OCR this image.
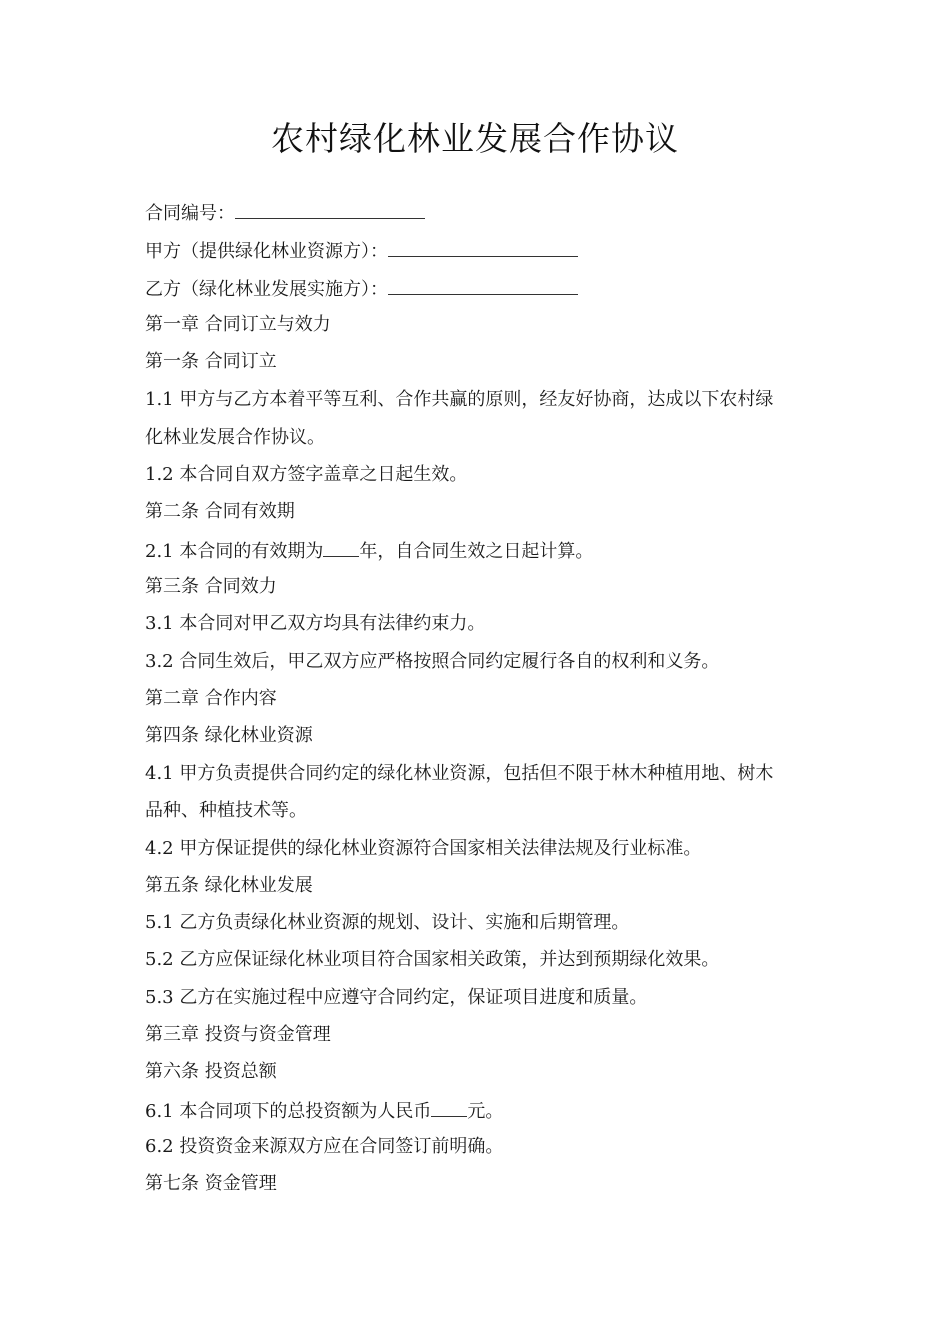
农村绿化林业发展合作协议
合同编号：
甲方（提供绿化林业资源方）：
乙方（绿化林业发展实施方）：
第一章 合同订立与效力
第一条 合同订立
1.1 甲方与乙方本着平等互利、合作共赢的原则，经友好协商，达成以下农村绿
化林业发展合作协议。
1.2 本合同自双方签字盖章之日起生效。
第二条 合同有效期
2.1 本合同的有效期为 年，自合同生效之日起计算。
第三条 合同效力
3.1 本合同对甲乙双方均具有法律约束力。
3.2 合同生效后，甲乙双方应严格按照合同约定履行各自的权利和义务。
第二章 合作内容
第四条 绿化林业资源
4.1 甲方负责提供合同约定的绿化林业资源，包括但不限于林木种植用地、树木
品种、种植技术等。
4.2 甲方保证提供的绿化林业资源符合国家相关法律法规及行业标准。
第五条 绿化林业发展
5.1 乙方负责绿化林业资源的规划、设计、实施和后期管理。
5.2 乙方应保证绿化林业项目符合国家相关政策，并达到预期绿化效果。
5.3 乙方在实施过程中应遵守合同约定，保证项目进度和质量。
第三章 投资与资金管理
第六条 投资总额
6.1 本合同项下的总投资额为人民币 元。
6.2 投资资金来源双方应在合同签订前明确。
第七条 资金管理
